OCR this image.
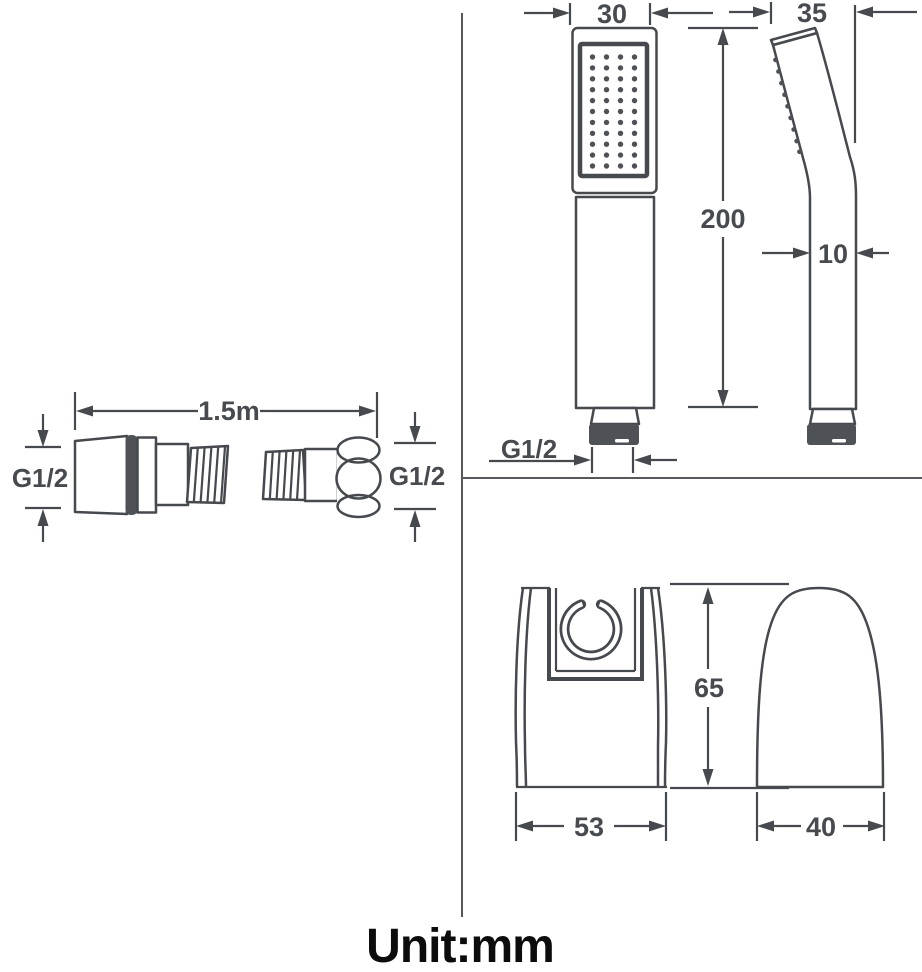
30	35
200
10
G1/2
1.5m
G1/2	G1/2
65
53	40
Unit:mm
